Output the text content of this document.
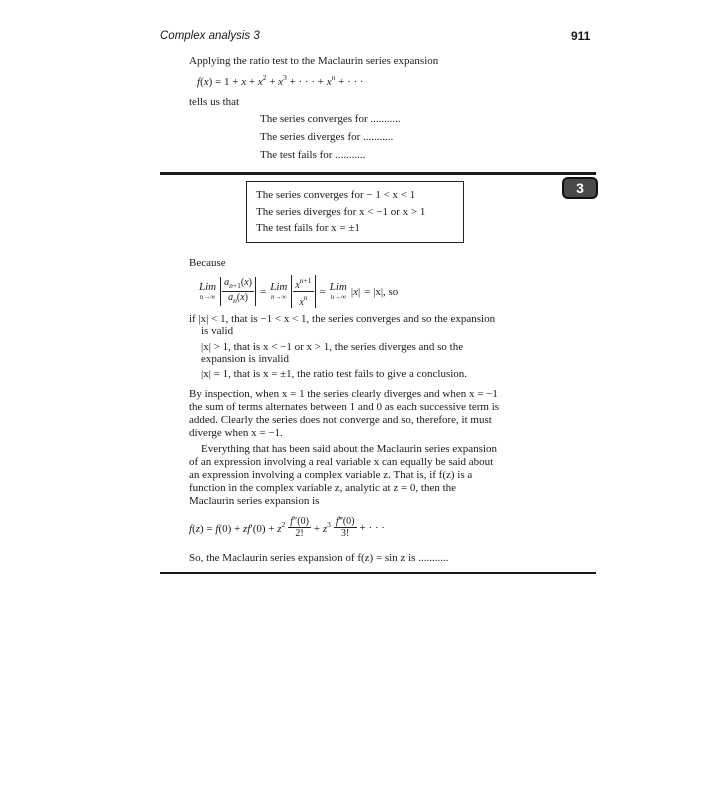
Complex analysis 3	911
Applying the ratio test to the Maclaurin series expansion
$f(x) = 1 + x + x^2 + x^3$ + · · · + $x^n$ + · · ·
tells us that
The series converges for ...........
The series diverges for ...........
The test fails for ...........
3
The series converges for − 1 < x < 1
The series diverges for x < −1 or x > 1
The test fails for x = ±1
Because
Lim
$n\to\infty \frac{a_{n+1}(x)}{a_n(x)}$ = Lim
$n\to\infty \frac{x^{n+1}}{x^n}$ = Lim
n→∞ |x| = |x|, so
if |x| < 1, that is −1 < x < 1, the series converges and so the expansion
is valid
|x| > 1, that is x < −1 or x > 1, the series diverges and so the
expansion is invalid
|x| = 1, that is x = ±1, the ratio test fails to give a conclusion.
By inspection, when x = 1 the series clearly diverges and when x = −1
the sum of terms alternates between 1 and 0 as each successive term is
added. Clearly the series does not converge and so, therefore, it must
diverge when x = −1.
Everything that has been said about the Maclaurin series expansion
of an expression involving a real variable x can equally be said about
an expression involving a complex variable z. That is, if f(z) is a
function in the complex variable z, analytic at z = 0, then the
Maclaurin series expansion is
$f(z) = f(0) + zf'(0) + z^2 \frac{f''(0)}{2!} + z^3 \frac{f‴(0)}{3!}$ + · · ·
So, the Maclaurin series expansion of f(z) = sin z is ...........
